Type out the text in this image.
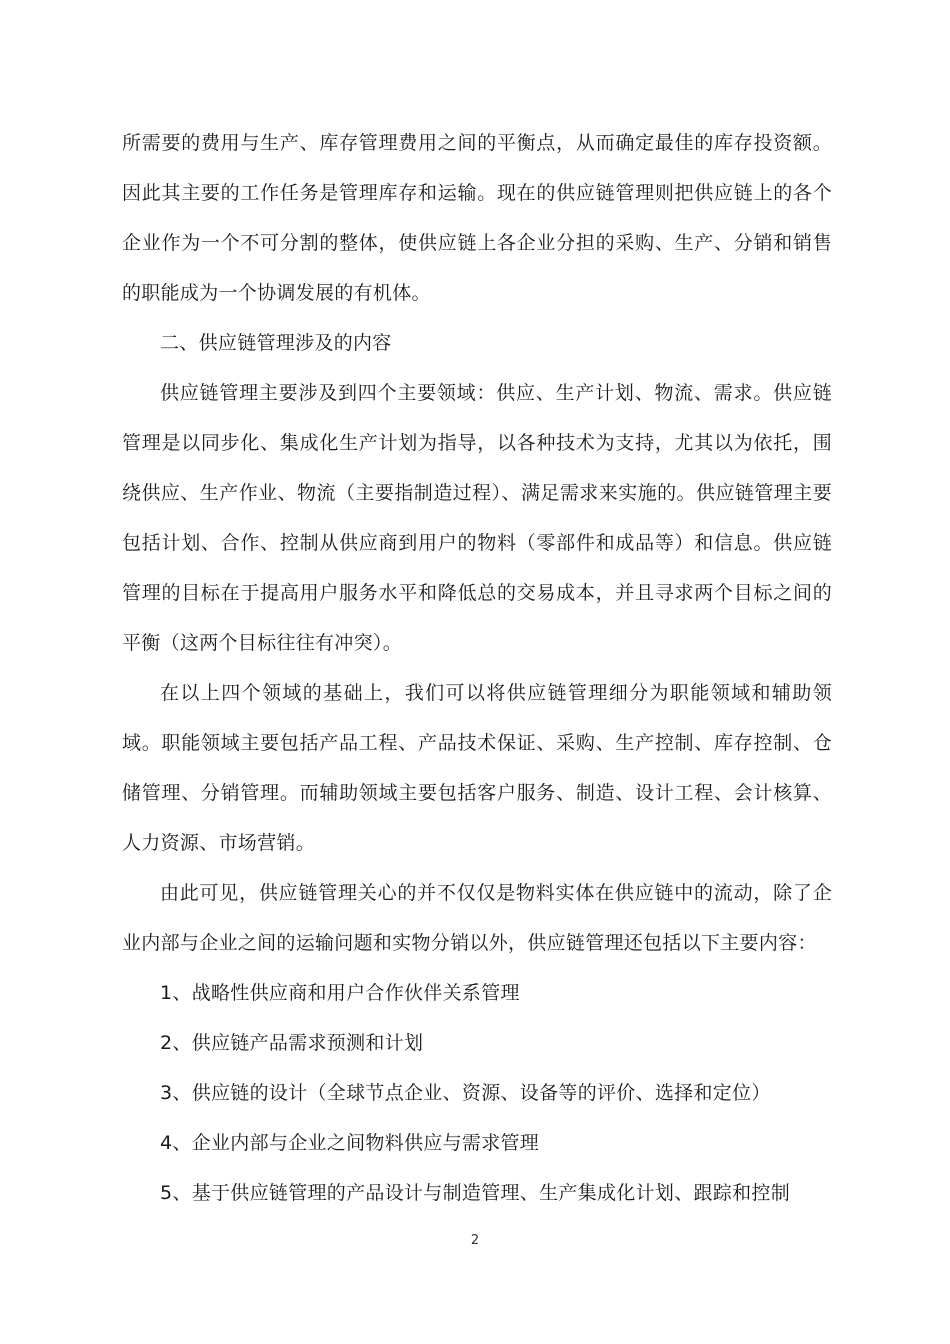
所需要的费用与生产、库存管理费用之间的平衡点，从而确定最佳的库存投资额。因此其主要的工作任务是管理库存和运输。现在的供应链管理则把供应链上的各个企业作为一个不可分割的整体，使供应链上各企业分担的采购、生产、分销和销售的职能成为一个协调发展的有机体。

二、供应链管理涉及的内容

供应链管理主要涉及到四个主要领域：供应、生产计划、物流、需求。供应链管理是以同步化、集成化生产计划为指导，以各种技术为支持，尤其以为依托，围绕供应、生产作业、物流（主要指制造过程）、满足需求来实施的。供应链管理主要包括计划、合作、控制从供应商到用户的物料（零部件和成品等）和信息。供应链管理的目标在于提高用户服务水平和降低总的交易成本，并且寻求两个目标之间的平衡（这两个目标往往有冲突）。

在以上四个领域的基础上，我们可以将供应链管理细分为职能领域和辅助领域。职能领域主要包括产品工程、产品技术保证、采购、生产控制、库存控制、仓储管理、分销管理。而辅助领域主要包括客户服务、制造、设计工程、会计核算、人力资源、市场营销。

由此可见，供应链管理关心的并不仅仅是物料实体在供应链中的流动，除了企业内部与企业之间的运输问题和实物分销以外，供应链管理还包括以下主要内容：

1、战略性供应商和用户合作伙伴关系管理

2、供应链产品需求预测和计划

3、供应链的设计（全球节点企业、资源、设备等的评价、选择和定位）

4、企业内部与企业之间物料供应与需求管理

5、基于供应链管理的产品设计与制造管理、生产集成化计划、跟踪和控制

2
